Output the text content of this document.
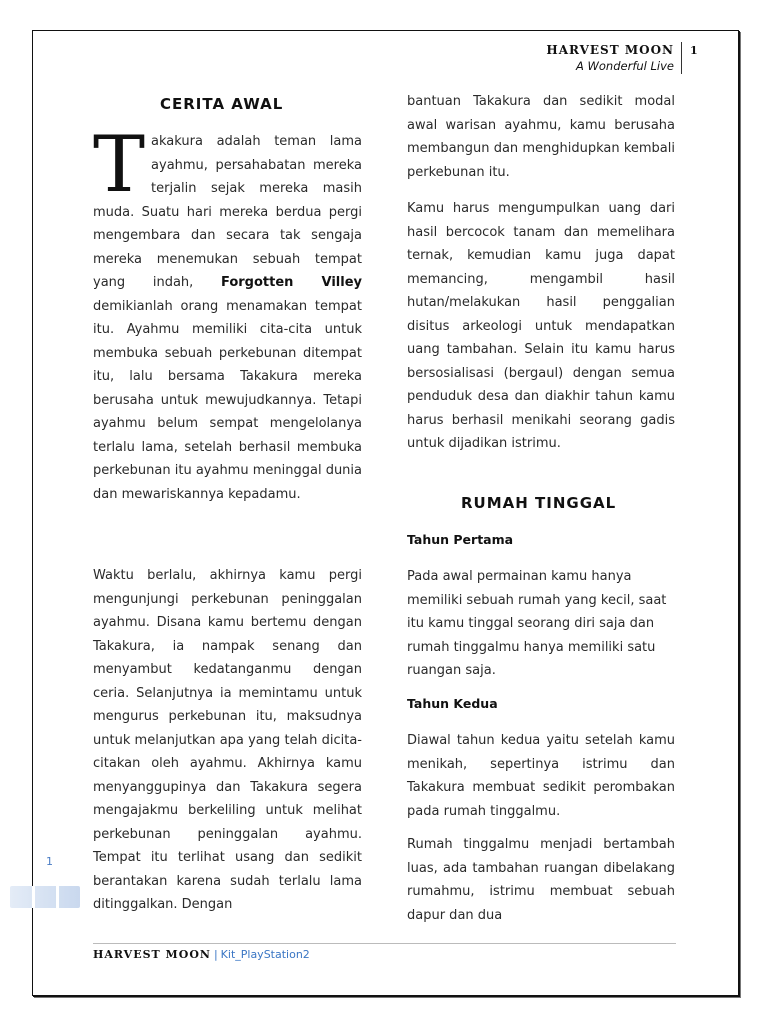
HARVEST MOON
A Wonderful Live
1
CERITA AWAL
Takakura adalah teman lama ayahmu, persahabatan mereka terjalin sejak mereka masih muda. Suatu hari mereka berdua pergi mengembara dan secara tak sengaja mereka menemukan sebuah tempat yang indah, Forgotten Villey demikianlah orang menamakan tempat itu. Ayahmu memiliki cita-cita untuk membuka sebuah perkebunan ditempat itu, lalu bersama Takakura mereka berusaha untuk mewujudkannya. Tetapi ayahmu belum sempat mengelolanya terlalu lama, setelah berhasil membuka perkebunan itu ayahmu meninggal dunia dan mewariskannya kepadamu.
Waktu berlalu, akhirnya kamu pergi mengunjungi perkebunan peninggalan ayahmu. Disana kamu bertemu dengan Takakura, ia nampak senang dan menyambut kedatanganmu dengan ceria. Selanjutnya ia memintamu untuk mengurus perkebunan itu, maksudnya untuk melanjutkan apa yang telah dicita-citakan oleh ayahmu. Akhirnya kamu menyanggupinya dan Takakura segera mengajakmu berkeliling untuk melihat perkebunan peninggalan ayahmu. Tempat itu terlihat usang dan sedikit berantakan karena sudah terlalu lama ditinggalkan. Dengan
bantuan Takakura dan sedikit modal awal warisan ayahmu, kamu berusaha membangun dan menghidupkan kembali perkebunan itu.
Kamu harus mengumpulkan uang dari hasil bercocok tanam dan memelihara ternak, kemudian kamu juga dapat memancing, mengambil hasil hutan/melakukan hasil penggalian disitus arkeologi untuk mendapatkan uang tambahan. Selain itu kamu harus bersosialisasi (bergaul) dengan semua penduduk desa dan diakhir tahun kamu harus berhasil menikahi seorang gadis untuk dijadikan istrimu.
RUMAH TINGGAL
Tahun Pertama
Pada awal permainan kamu hanya memiliki sebuah rumah yang kecil, saat itu kamu tinggal seorang diri saja dan rumah tinggalmu hanya memiliki satu ruangan saja.
Tahun Kedua
Diawal tahun kedua yaitu setelah kamu menikah, sepertinya istrimu dan Takakura membuat sedikit perombakan pada rumah tinggalmu.
Rumah tinggalmu menjadi bertambah luas, ada tambahan ruangan dibelakang rumahmu, istrimu membuat sebuah dapur dan dua
HARVEST MOON | Kit_PlayStation2
1
